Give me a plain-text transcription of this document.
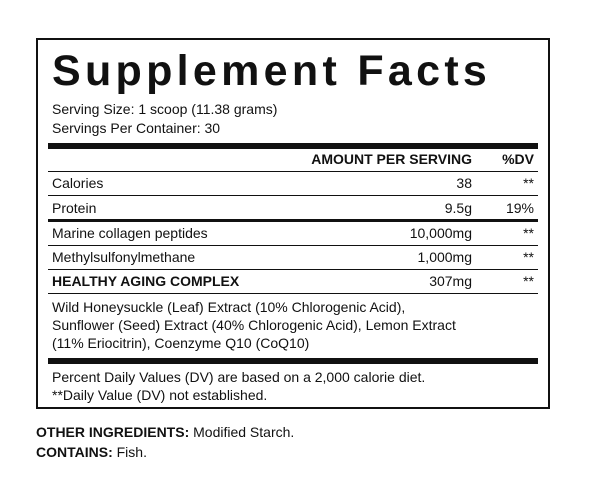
Supplement Facts
Serving Size: 1 scoop (11.38 grams)
Servings Per Container: 30
AMOUNT PER SERVING %DV
Calories	38	**
Protein	9.5g 19%
Marine collagen peptides	10,000mg	**
Methylsulfonylmethane	1,000mg	**
HEALTHY AGING COMPLEX	307mg	**
Wild Honeysuckle (Leaf) Extract (10% Chlorogenic Acid),
Sunflower (Seed) Extract (40% Chlorogenic Acid), Lemon Extract
(11% Eriocitrin), Coenzyme Q10 (CoQ10)
Percent Daily Values (DV) are based on a 2,000 calorie diet.
**Daily Value (DV) not established.
OTHER INGREDIENTS: Modified Starch.
CONTAINS: Fish.
